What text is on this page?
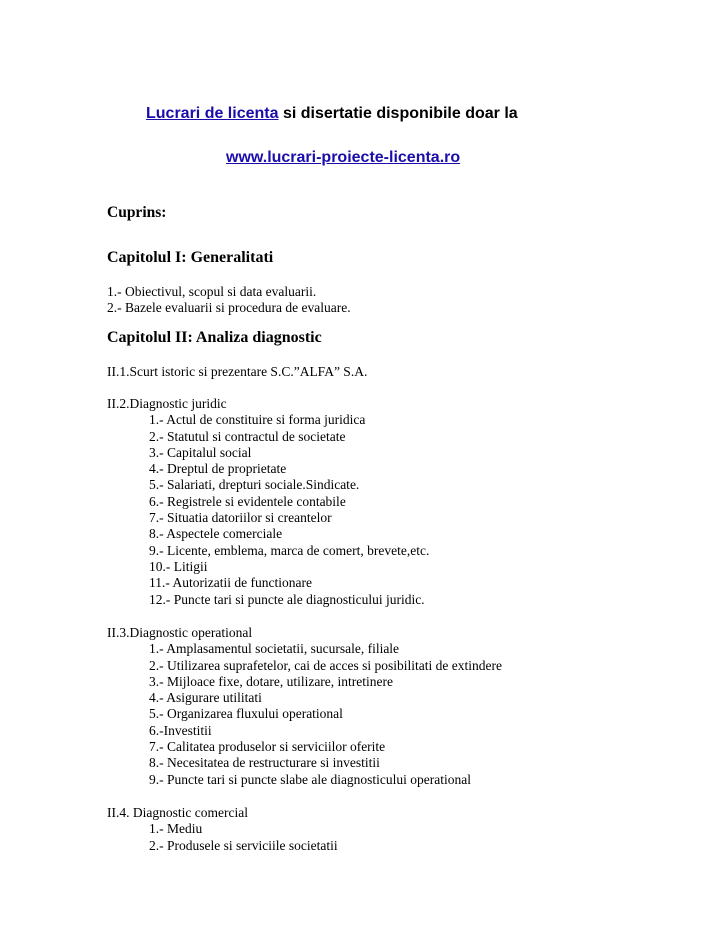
Lucrari de licenta si disertatie disponibile doar la
www.lucrari-proiecte-licenta.ro
Cuprins:
Capitolul I: Generalitati
1.- Obiectivul, scopul si data evaluarii.
2.- Bazele evaluarii si procedura de evaluare.
Capitolul II: Analiza diagnostic
II.1.Scurt istoric si prezentare S.C.”ALFA” S.A.
II.2.Diagnostic juridic
1.- Actul de constituire si forma juridica
2.- Statutul si contractul de societate
3.- Capitalul social
4.- Dreptul de proprietate
5.- Salariati, drepturi sociale.Sindicate.
6.- Registrele si evidentele contabile
7.- Situatia datoriilor si creantelor
8.- Aspectele comerciale
9.- Licente, emblema, marca de comert, brevete,etc.
10.- Litigii
11.- Autorizatii de functionare
12.- Puncte tari si puncte ale diagnosticului juridic.
II.3.Diagnostic operational
1.- Amplasamentul societatii, sucursale, filiale
2.- Utilizarea suprafetelor, cai de acces si posibilitati de extindere
3.- Mijloace fixe, dotare, utilizare, intretinere
4.- Asigurare utilitati
5.- Organizarea fluxului operational
6.-Investitii
7.- Calitatea produselor si serviciilor oferite
8.- Necesitatea de restructurare si investitii
9.- Puncte tari si puncte slabe ale diagnosticului operational
II.4. Diagnostic comercial
1.- Mediu
2.- Produsele si serviciile societatii
